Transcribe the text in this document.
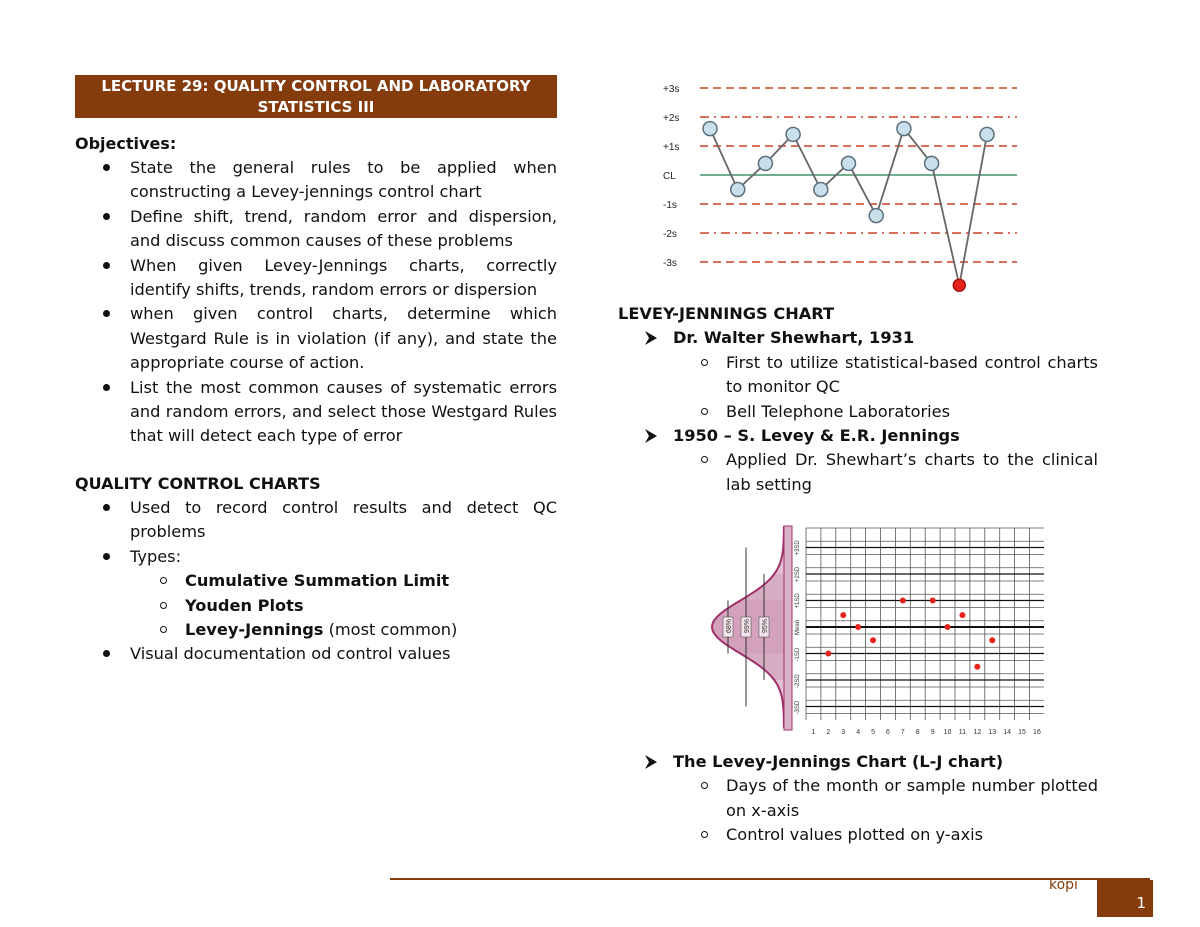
LECTURE 29: QUALITY CONTROL AND LABORATORY STATISTICS III
Objectives:
State the general rules to be applied when constructing a Levey-jennings control chart
Define shift, trend, random error and dispersion, and discuss common causes of these problems
When given Levey-Jennings charts, correctly identify shifts, trends, random errors or dispersion
when given control charts, determine which Westgard Rule is in violation (if any), and state the appropriate course of action.
List the most common causes of systematic errors and random errors, and select those Westgard Rules that will detect each type of error
QUALITY CONTROL CHARTS
Used to record control results and detect QC problems
Types:
Cumulative Summation Limit
Youden Plots
Levey-Jennings (most common)
Visual documentation od control values
+3s
+2s
+1s
CL
-1s
-2s
-3s
LEVEY-JENNINGS CHART
Dr. Walter Shewhart, 1931
First to utilize statistical-based control charts to monitor QC
Bell Telephone Laboratories
1950 – S. Levey & E.R. Jennings
Applied Dr. Shewhart’s charts to the clinical lab setting
68%	95%
99%
+3SD
+2SD
+1SD
Mean
-1SD
-2SD
-3SD
1 2 3 4 5 6 7 8 9 10 11 12 13 14 15 16
The Levey-Jennings Chart (L-J chart)
Days of the month or sample number plotted on x-axis
Control values plotted on y-axis
kopi
1
